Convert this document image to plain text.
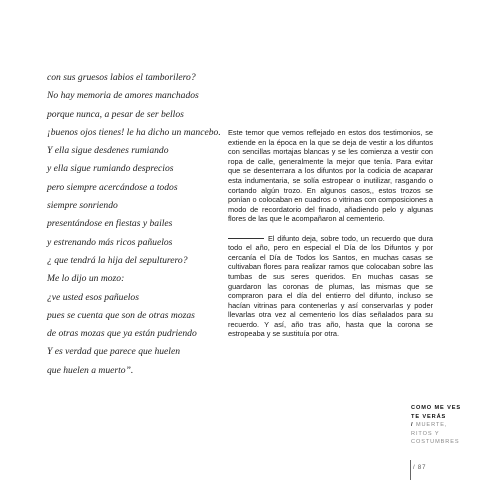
con sus gruesos labios el tamborilero?
No hay memoria de amores manchados
porque nunca, a pesar de ser bellos
¡buenos ojos tienes! le ha dicho un mancebo.
Y ella sigue desdenes rumiando
y ella sigue rumiando desprecios
pero siempre acercándose a todos
siempre sonriendo
presentándose en fiestas y bailes
y estrenando más ricos pañuelos
¿ que tendrá la hija del sepulturero?
Me lo dijo un mozo:
¿ve usted esos pañuelos
pues se cuenta que son de otras mozas
de otras mozas que ya están pudriendo
Y es verdad que parece que huelen
que huelen a muerto”.

Este temor que vemos reflejado en estos dos testimonios, se extiende en la época en la que se deja de vestir a los difuntos con sencillas mortajas blancas y se les comienza a vestir con ropa de calle, generalmente la mejor que tenía. Para evitar que se desenterrara a los difuntos por la codicia de acaparar esta indumentaria, se solía estropear o inutilizar, rasgando o cortando algún trozo. En algunos casos,, estos trozos se ponían o colocaban en cuadros o vitrinas con composiciones a modo de recordatorio del finado, añadiendo pelo y algunas flores de las que le acompañaron al cementerio.

El difunto deja, sobre todo, un recuerdo que dura todo el año, pero en especial el Día de los Difuntos y por cercanía el Día de Todos los Santos, en muchas casas se cultivaban flores para realizar ramos que colocaban sobre las tumbas de sus seres queridos. En muchas casas se guardaron las coronas de plumas, las mismas que se compraron para el día del entierro del difunto, incluso se hacían vitrinas para contenerlas y así conservarlas y poder llevarlas otra vez al cementerio los días señalados para su recuerdo. Y así, año tras año, hasta que la corona se estropeaba y se sustituía por otra.

COMO ME VES
TE VERÁS
/ MUERTE,
RITOS Y
COSTUMBRES
/ 87
